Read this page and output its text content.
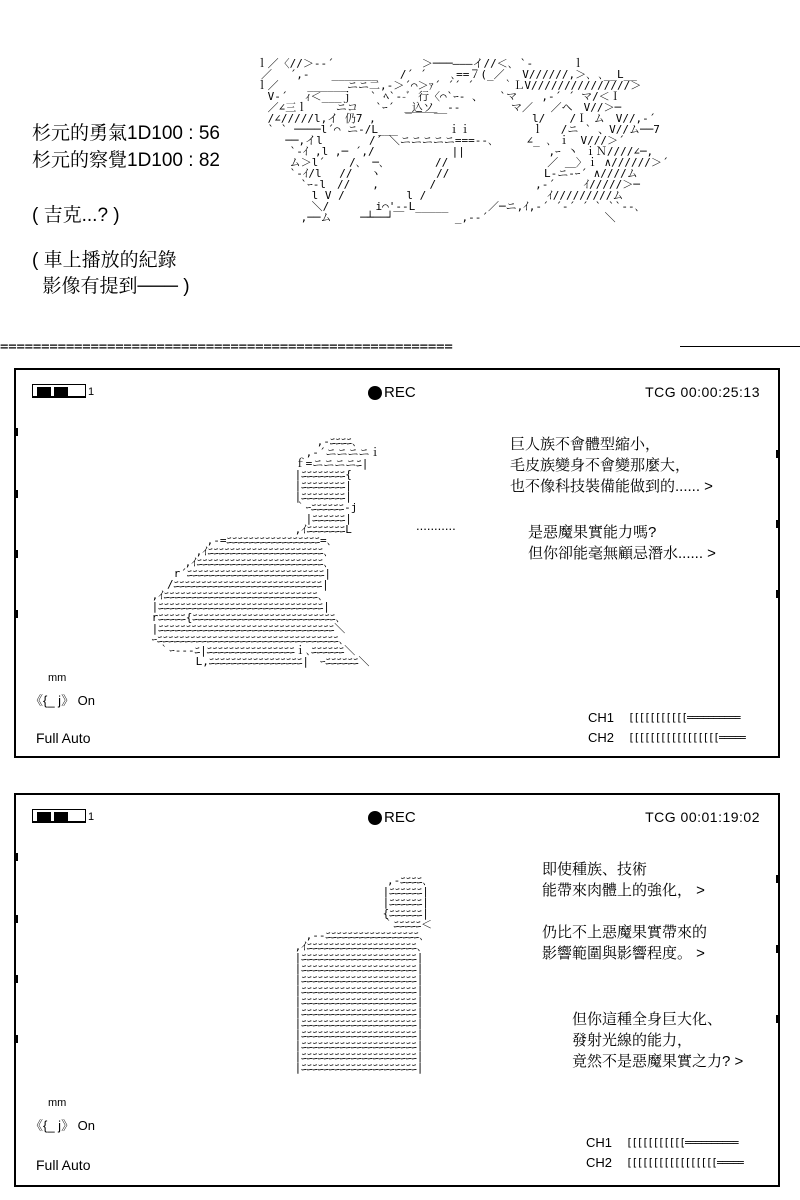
杉元的勇氣1D100 : 56
杉元的察覺1D100 : 82
( 吉克...? )
( 車上播放的紀錄
影像有提到─── )
ｌ／〈//＞‐‐´　　　　　　　　＞───―――イ//＜､ `-　 　　ｌ
　／　 ´,-　　_______　　/´ ´ 　 ､==７(_／ 　V//////,＞､ ､__L__
ｌ／　　 ______ニニ二,-＞´⌒＞ｧ´ ´´ ´ 　　｀ＬV///////////////＞
　 V‐´　 ｨ＜___ｊ　 ` ﾍ`--ﾞ 行〈⌒`ｰ- 、　　`マ 　 ,-´ ´ マ/＜Ｉ
　 ／∠三ｌ 　　ニコ 　`ｰ´　_込ソ__--　　　　 マ／　 ／ヘ　V//＞─
　 /∠/////l,イ 仍7 ,　　 ￣￣￣　　　　　　　　 l/ 　 /Ｉ ム　V//,-´
　 ` ` ────l´⌒ ニ-/L___　　　　 ｉｉ　　　　　 ｌ 　/ニ ` 、V//ム──7
　　 ──,イl　　 　 /´ ＼ニニニニニ===--､　　　∠_ ､ ｉ　V///＞´
　　　 `‐ｲ ,l ,─ ´,/　　　　　　　||　　　　　　　 ,ｰ 丶 ｉＮ////∠─,
　　　 ム＞l´ 　 /､　─､　　　　 //　　　　　　　　　／ ＿〉ｉ ∧//////＞´
　　　 `‐ｲ/l 　//　 ヽ　　　　　//　　　　　　　　 L-ニ-ｰ´ ∧////ム
　　　　 `ｰ-l　//　　,　　　　 /　　　　　　　　　,-´ 　　ｲ/////＞─
　　　　　 l V /　　　　　 l /　　　　　　　　　　　ｲ/////////ム
　　　　　 ＼/　　 　 i⌒'--L_____　　　 ／─ニ,ｲ,-´ ´-´ ´ ` ``‐-､
　　　　 ,──ム　　 ─┴──┘￣　　　　 _,-‐´　　　　　　　　　　 ＼
=======================================================
1	REC	TCG 00:00:25:13
　　　　　　　　　　　　　　　　 ,-ﾆﾆﾆﾆ､
　　　　　　　　　　　　　　　 ,-´ニニニニｉ
　　　　　　　　　　　　　　 ｆ=ニニニニﾆ|
　　　　　　　　　　　　　　 |ﾆﾆﾆﾆﾆﾆﾆﾆ{
　　　　　　　　　　　　　　 |ﾆﾆﾆﾆﾆﾆﾆﾆ|
　　　　　　　　　　　　　　 |ﾆﾆﾆﾆﾆﾆﾆﾆ|
　　　　　　　　　　　　　　 ｀ｰﾆﾆﾆﾆﾆﾆ‐j
　　　　　　　　　　　　　　　 |ﾆﾆﾆﾆﾆﾆ|
　　　　　　　　　　　　　　 ,ｲﾆﾆﾆﾆﾆﾆﾆL
　　　　　　 ,-=ﾆﾆﾆﾆﾆﾆﾆﾆﾆﾆﾆﾆﾆﾆﾆﾆﾆ=､
　　　　　 ,ｲﾆﾆﾆﾆﾆﾆﾆﾆﾆﾆﾆﾆﾆﾆﾆﾆﾆﾆﾆﾆﾆ､
　　　　 ,ｲﾆﾆﾆﾆﾆﾆﾆﾆﾆﾆﾆﾆﾆﾆﾆﾆﾆﾆﾆﾆﾆﾆﾆ､
　　　 r´ﾆﾆﾆﾆﾆﾆﾆﾆﾆﾆﾆﾆﾆﾆﾆﾆﾆﾆﾆﾆﾆﾆﾆﾆﾆ|
　　　/ﾆﾆﾆﾆﾆﾆﾆﾆﾆﾆﾆﾆﾆﾆﾆﾆﾆﾆﾆﾆﾆﾆﾆﾆﾆﾆﾆ|
　 ,ｲﾆﾆﾆﾆﾆﾆﾆﾆﾆﾆﾆﾆﾆﾆﾆﾆﾆﾆﾆﾆﾆﾆﾆﾆﾆﾆﾆﾆ､
　|ﾆﾆﾆﾆﾆﾆﾆﾆﾆﾆﾆﾆﾆﾆﾆﾆﾆﾆﾆﾆﾆﾆﾆﾆﾆﾆﾆﾆﾆﾆ|
　rﾆﾆﾆﾆﾆ{ﾆﾆﾆﾆﾆﾆﾆﾆﾆﾆﾆﾆﾆﾆﾆﾆﾆﾆﾆﾆﾆﾆﾆﾆﾆﾆ､
　|ﾆﾆﾆﾆﾆﾆﾆﾆﾆﾆﾆﾆﾆﾆﾆﾆﾆﾆﾆﾆﾆﾆﾆﾆﾆﾆﾆﾆﾆﾆﾆﾆ＼
　ｰﾆﾆﾆﾆﾆﾆﾆﾆﾆﾆﾆﾆﾆﾆﾆﾆﾆﾆﾆﾆﾆﾆﾆﾆﾆﾆﾆﾆﾆﾆﾆﾆﾆ､
　 ｀ｰ-‐-ﾆ|ﾆﾆﾆﾆﾆﾆﾆﾆﾆﾆﾆﾆﾆﾆﾆﾆｉ､ﾆﾆﾆﾆﾆﾆ＼
　　　　　 L,ﾆﾆﾆﾆﾆﾆﾆﾆﾆﾆﾆﾆﾆﾆﾆﾆﾆ|　ｰﾆﾆﾆﾆﾆﾆ＼
巨人族不會體型縮小，
毛皮族變身不會變那麼大，
也不像科技裝備能做到的...... >
...........	是惡魔果實能力嗎?
但你卻能毫無顧忌潛水...... >
mm
《{_ j》 On
Full Auto
CH1	[[[[[[[[[[[==========
CH2	[[[[[[[[[[[[[[[[[=====
1	REC	TCG 00:01:19:02
　　　　　　　　　　　　　,-ﾆﾆﾆﾆ､
　　　　　　　　　　　　 |ﾆﾆﾆﾆﾆﾆ|
　　　　　　　　　　　　 |ﾆﾆﾆﾆﾆﾆ|
　　　　　　　　　　　　 {ﾆﾆﾆﾆﾆﾆ|
　　　　　　　　　　　　 ｀ﾆﾆﾆﾆﾆ＜
　　　　　 ,-‐ﾆﾆﾆﾆﾆﾆﾆﾆﾆﾆﾆﾆﾆﾆﾆﾆﾆ､
　　　　 ,ｲﾆﾆﾆﾆﾆﾆﾆﾆﾆﾆﾆﾆﾆﾆﾆﾆﾆﾆﾆﾆ､
　　　　 |ﾆﾆﾆﾆﾆﾆﾆﾆﾆﾆﾆﾆﾆﾆﾆﾆﾆﾆﾆﾆﾆ|
　　　　 |ﾆﾆﾆﾆﾆﾆﾆﾆﾆﾆﾆﾆﾆﾆﾆﾆﾆﾆﾆﾆﾆ|
　　　　 |ﾆﾆﾆﾆﾆﾆﾆﾆﾆﾆﾆﾆﾆﾆﾆﾆﾆﾆﾆﾆﾆ|
　　　　 |ﾆﾆﾆﾆﾆﾆﾆﾆﾆﾆﾆﾆﾆﾆﾆﾆﾆﾆﾆﾆﾆ|
　　　　 |ﾆﾆﾆﾆﾆﾆﾆﾆﾆﾆﾆﾆﾆﾆﾆﾆﾆﾆﾆﾆﾆ|
　　　　 |ﾆﾆﾆﾆﾆﾆﾆﾆﾆﾆﾆﾆﾆﾆﾆﾆﾆﾆﾆﾆﾆ|
　　　　 |ﾆﾆﾆﾆﾆﾆﾆﾆﾆﾆﾆﾆﾆﾆﾆﾆﾆﾆﾆﾆﾆ|
　　　　 |ﾆﾆﾆﾆﾆﾆﾆﾆﾆﾆﾆﾆﾆﾆﾆﾆﾆﾆﾆﾆﾆ|
　　　　 |ﾆﾆﾆﾆﾆﾆﾆﾆﾆﾆﾆﾆﾆﾆﾆﾆﾆﾆﾆﾆﾆ|
　　　　 |ﾆﾆﾆﾆﾆﾆﾆﾆﾆﾆﾆﾆﾆﾆﾆﾆﾆﾆﾆﾆﾆ|
　　　　 |ﾆﾆﾆﾆﾆﾆﾆﾆﾆﾆﾆﾆﾆﾆﾆﾆﾆﾆﾆﾆﾆ|
即使種族、技術
能帶來肉體上的強化， >

仍比不上惡魔果實帶來的
影響範圍與影響程度。 >
但你這種全身巨大化、
發射光線的能力，
竟然不是惡魔果實之力? >
mm
《{_ j》 On
Full Auto
CH1	[[[[[[[[[[[==========
CH2	[[[[[[[[[[[[[[[[[=====
